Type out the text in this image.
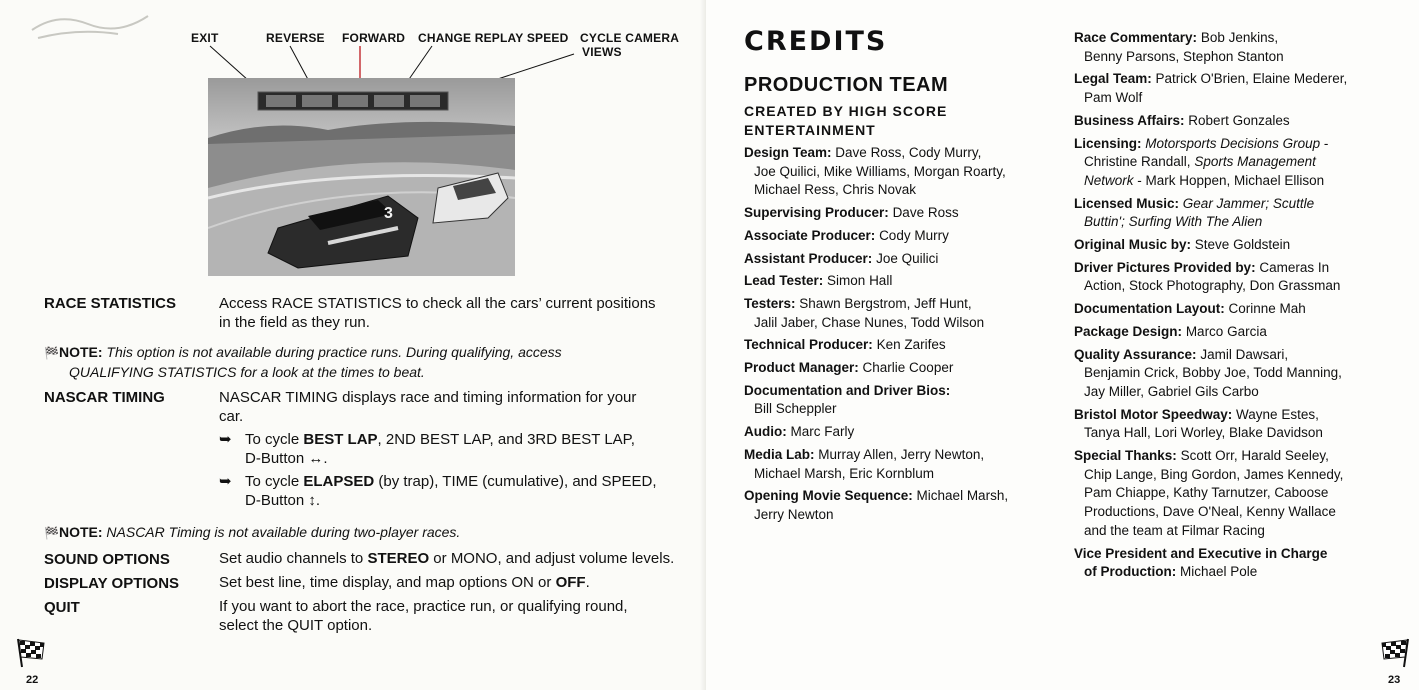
EXIT	REVERSE FORWARD CHANGE REPLAY SPEED CYCLE CAMERA
VIEWS
3
RACE STATISTICS	Access RACE STATISTICS to check all the cars’ current positions
in the field as they run.
🏁NOTE: This option is not available during practice runs. During qualifying, access
QUALIFYING STATISTICS for a look at the times to beat.
NASCAR TIMING	NASCAR TIMING displays race and timing information for your
car.
➥ To cycle BEST LAP, 2ND BEST LAP, and 3RD BEST LAP,
D-Button ↔.
➥ To cycle ELAPSED (by trap), TIME (cumulative), and SPEED,
D-Button ↕.
🏁NOTE: NASCAR Timing is not available during two-player races.
SOUND OPTIONS	Set audio channels to STEREO or MONO, and adjust volume levels.
DISPLAY OPTIONS	Set best line, time display, and map options ON or OFF.
QUIT	If you want to abort the race, practice run, or qualifying round,
select the QUIT option.
22
CREDITS
PRODUCTION TEAM
CREATED BY HIGH SCORE
ENTERTAINMENT
Design Team: Dave Ross, Cody Murry,
Joe Quilici, Mike Williams, Morgan Roarty,
Michael Ress, Chris Novak
Supervising Producer: Dave Ross
Associate Producer: Cody Murry
Assistant Producer: Joe Quilici
Lead Tester: Simon Hall
Testers: Shawn Bergstrom, Jeff Hunt,
Jalil Jaber, Chase Nunes, Todd Wilson
Technical Producer: Ken Zarifes
Product Manager: Charlie Cooper
Documentation and Driver Bios:
Bill Scheppler
Audio: Marc Farly
Media Lab: Murray Allen, Jerry Newton,
Michael Marsh, Eric Kornblum
Opening Movie Sequence: Michael Marsh,
Jerry Newton
Race Commentary: Bob Jenkins,
Benny Parsons, Stephon Stanton
Legal Team: Patrick O'Brien, Elaine Mederer,
Pam Wolf
Business Affairs: Robert Gonzales
Licensing: Motorsports Decisions Group -
Christine Randall, Sports Management
Network - Mark Hoppen, Michael Ellison
Licensed Music: Gear Jammer; Scuttle
Buttin'; Surfing With The Alien
Original Music by: Steve Goldstein
Driver Pictures Provided by: Cameras In
Action, Stock Photography, Don Grassman
Documentation Layout: Corinne Mah
Package Design: Marco Garcia
Quality Assurance: Jamil Dawsari,
Benjamin Crick, Bobby Joe, Todd Manning,
Jay Miller, Gabriel Gils Carbo
Bristol Motor Speedway: Wayne Estes,
Tanya Hall, Lori Worley, Blake Davidson
Special Thanks: Scott Orr, Harald Seeley,
Chip Lange, Bing Gordon, James Kennedy,
Pam Chiappe, Kathy Tarnutzer, Caboose
Productions, Dave O'Neal, Kenny Wallace
and the team at Filmar Racing
Vice President and Executive in Charge
of Production: Michael Pole
23
